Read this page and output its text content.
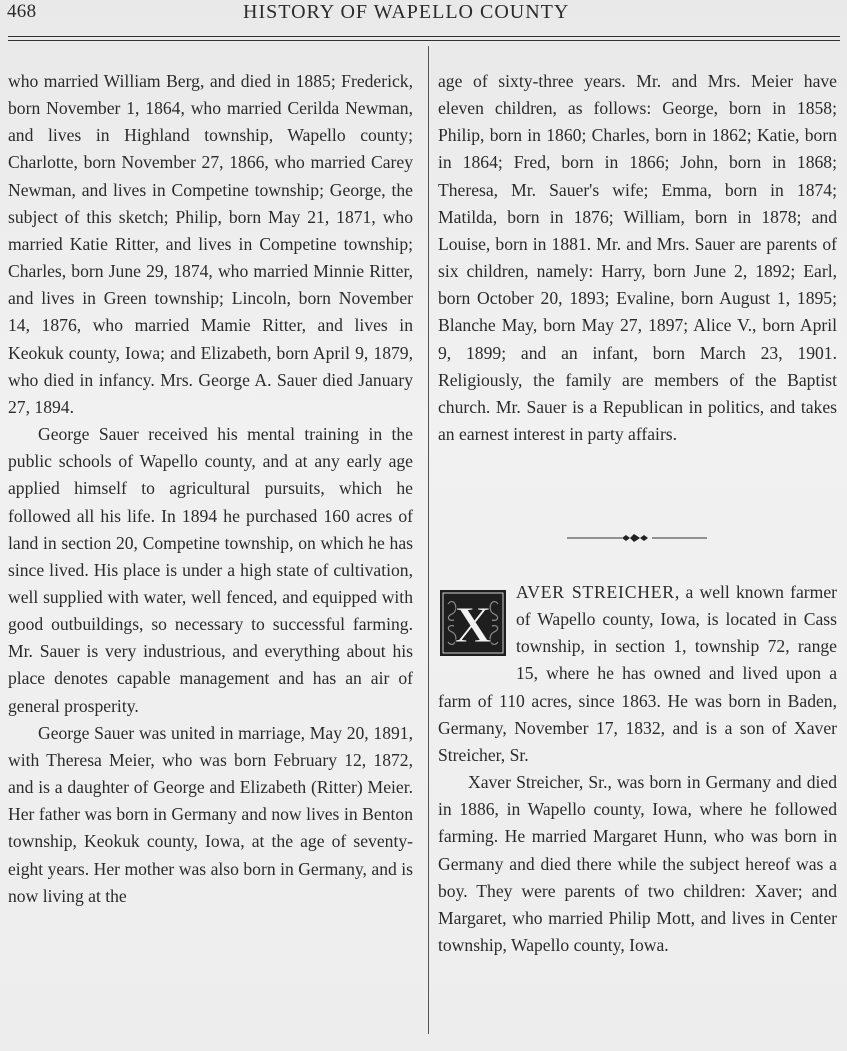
468	HISTORY OF WAPELLO COUNTY

who married William Berg, and died in 1885; Frederick, born November 1, 1864, who married Cerilda Newman, and lives in Highland township, Wapello county; Charlotte, born November 27, 1866, who married Carey Newman, and lives in Competine township; George, the subject of this sketch; Philip, born May 21, 1871, who married Katie Ritter, and lives in Competine township; Charles, born June 29, 1874, who married Minnie Ritter, and lives in Green township; Lincoln, born November 14, 1876, who married Mamie Ritter, and lives in Keokuk county, Iowa; and Elizabeth, born April 9, 1879, who died in infancy. Mrs. George A. Sauer died January 27, 1894.

George Sauer received his mental training in the public schools of Wapello county, and at any early age applied himself to agricultural pursuits, which he followed all his life. In 1894 he purchased 160 acres of land in section 20, Competine township, on which he has since lived. His place is under a high state of cultivation, well supplied with water, well fenced, and equipped with good outbuildings, so necessary to successful farming. Mr. Sauer is very industrious, and everything about his place denotes capable management and has an air of general prosperity.

George Sauer was united in marriage, May 20, 1891, with Theresa Meier, who was born February 12, 1872, and is a daughter of George and Elizabeth (Ritter) Meier. Her father was born in Germany and now lives in Benton township, Keokuk county, Iowa, at the age of seventy-eight years. Her mother was also born in Germany, and is now living at the

age of sixty-three years. Mr. and Mrs. Meier have eleven children, as follows: George, born in 1858; Philip, born in 1860; Charles, born in 1862; Katie, born in 1864; Fred, born in 1866; John, born in 1868; Theresa, Mr. Sauer's wife; Emma, born in 1874; Matilda, born in 1876; William, born in 1878; and Louise, born in 1881. Mr. and Mrs. Sauer are parents of six children, namely: Harry, born June 2, 1892; Earl, born October 20, 1893; Evaline, born August 1, 1895; Blanche May, born May 27, 1897; Alice V., born April 9, 1899; and an infant, born March 23, 1901. Religiously, the family are members of the Baptist church. Mr. Sauer is a Republican in politics, and takes an earnest interest in party affairs.

AVER STREICHER, a well known farmer of Wapello county, Iowa, is located in Cass township, in section 1, township 72, range 15, where he has owned and lived upon a farm of 110 acres, since 1863. He was born in Baden, Germany, November 17, 1832, and is a son of Xaver Streicher, Sr.

Xaver Streicher, Sr., was born in Germany and died in 1886, in Wapello county, Iowa, where he followed farming. He married Margaret Hunn, who was born in Germany and died there while the subject hereof was a boy. They were parents of two children: Xaver; and Margaret, who married Philip Mott, and lives in Center township, Wapello county, Iowa.

X
